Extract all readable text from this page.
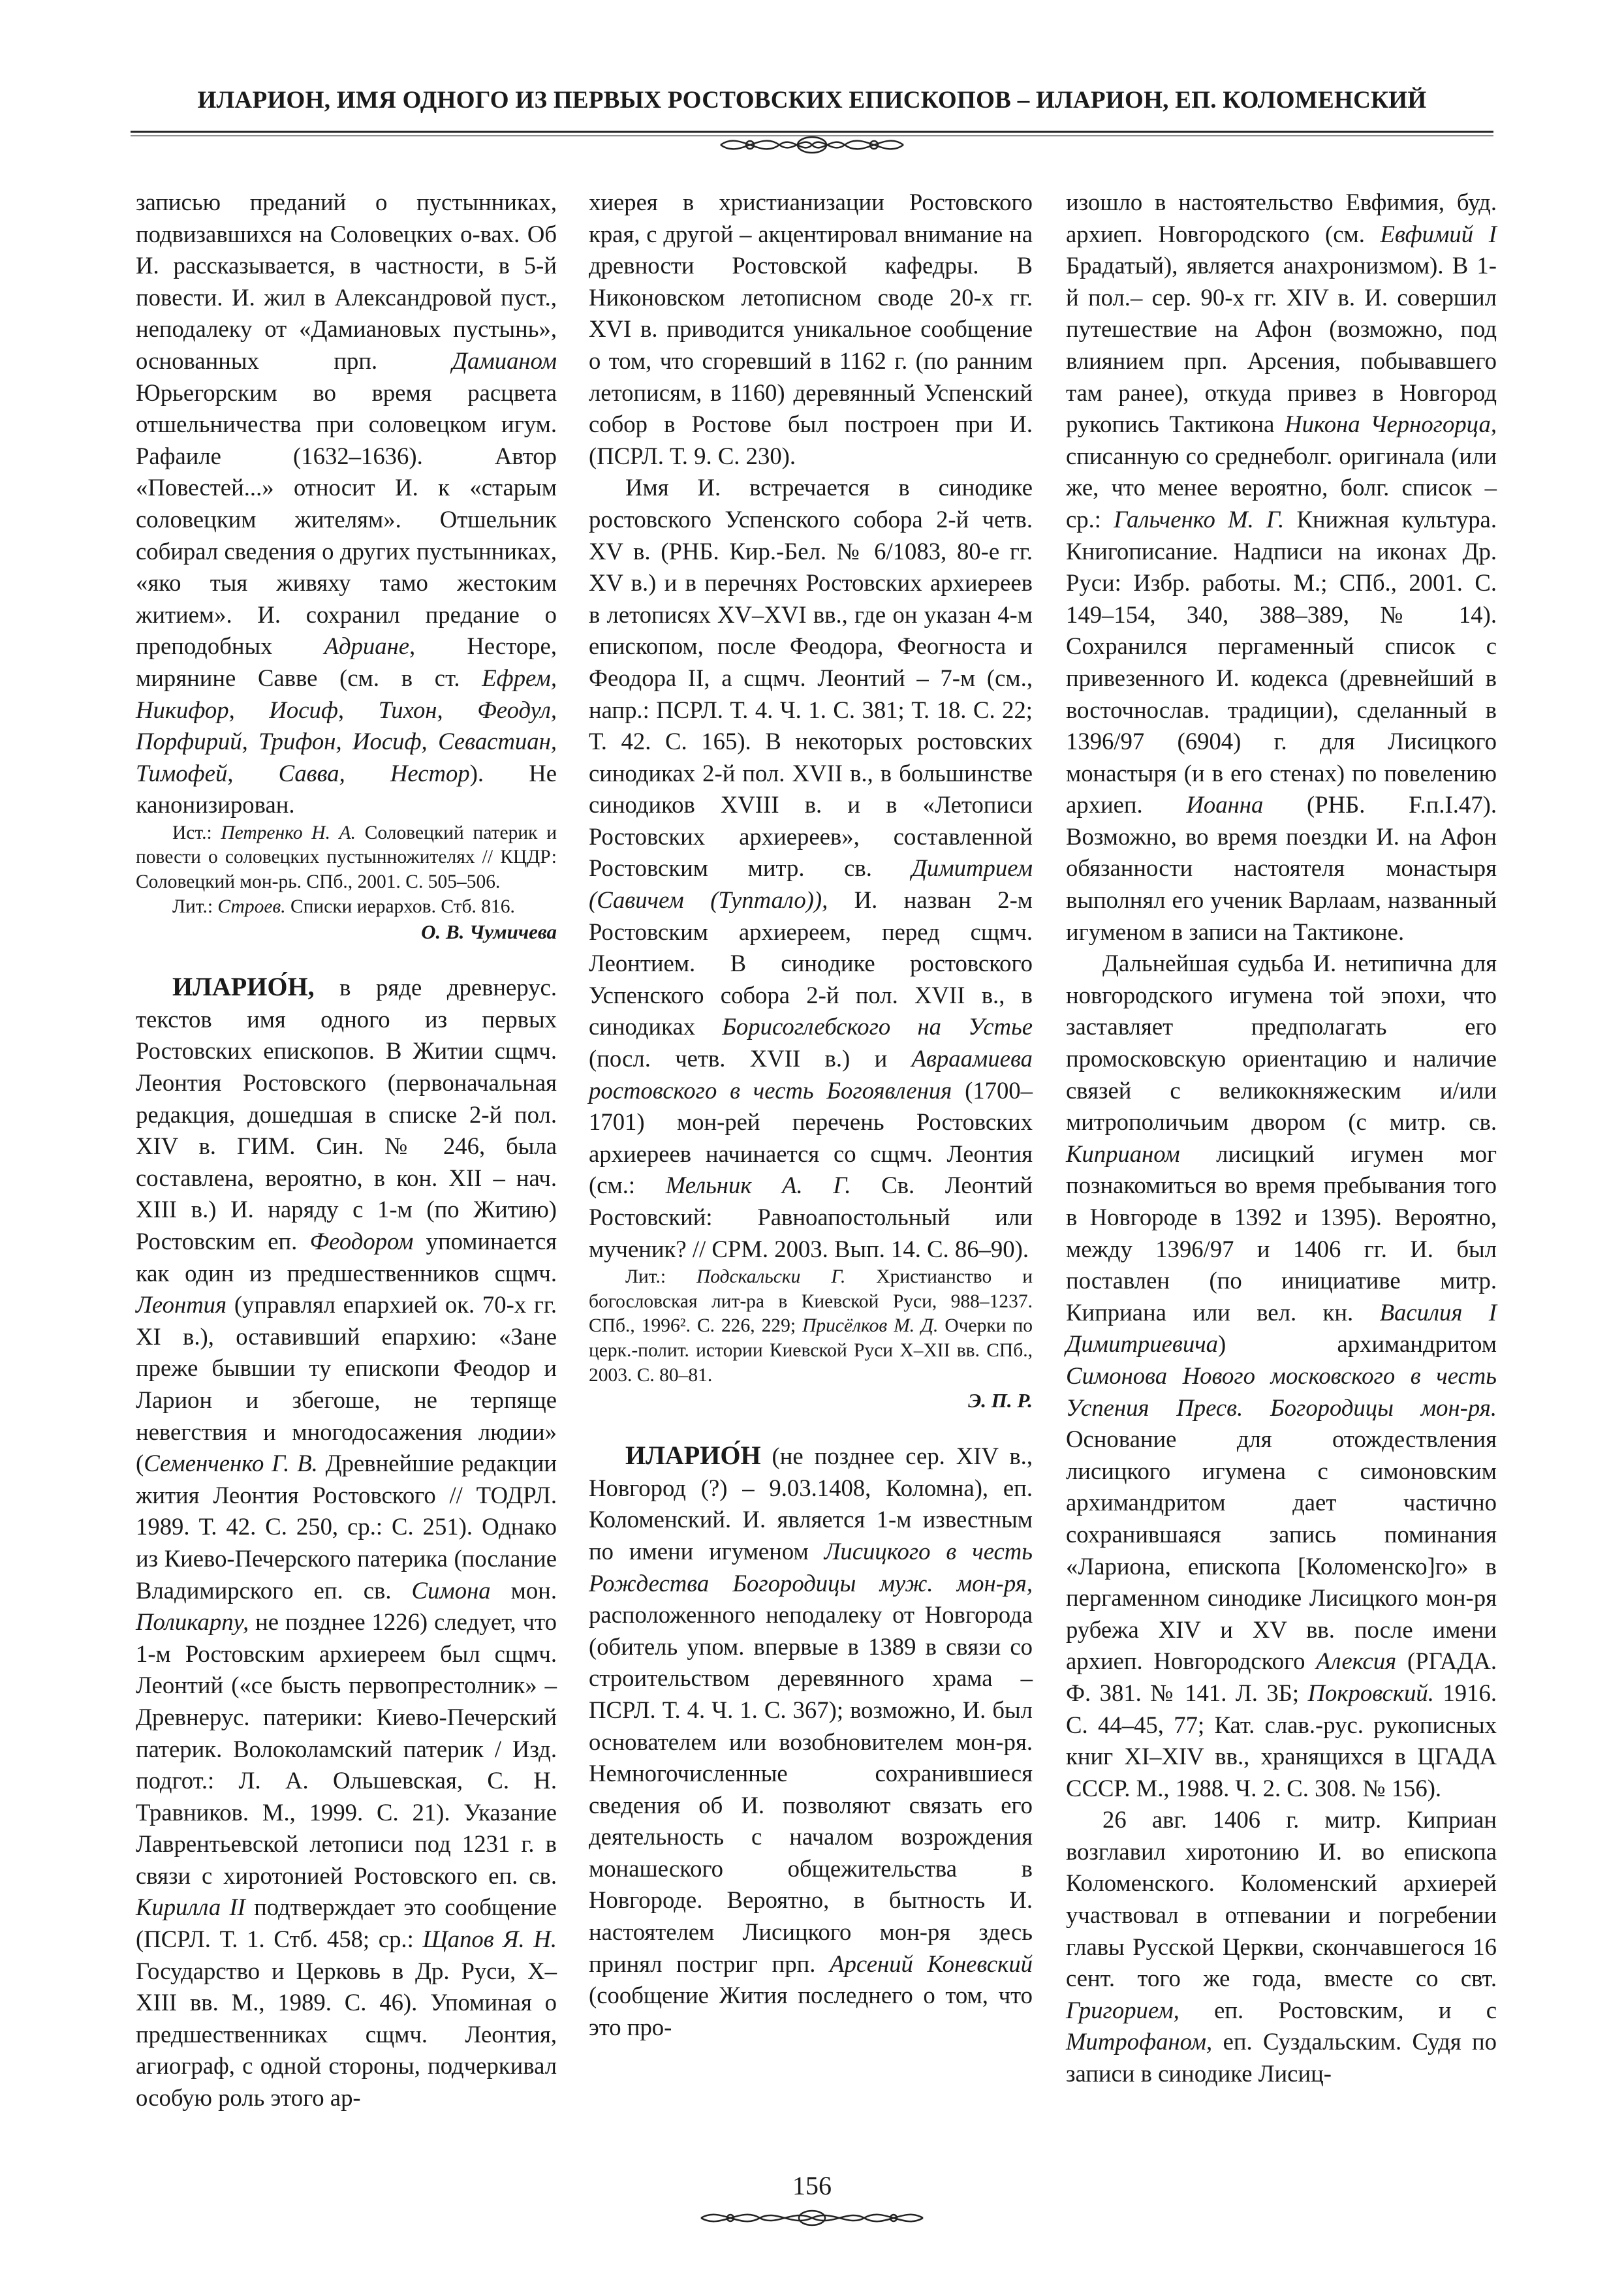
ИЛАРИОН, ИМЯ ОДНОГО ИЗ ПЕРВЫХ РОСТОВСКИХ ЕПИСКОПОВ – ИЛАРИОН, ЕП. КОЛОМЕНСКИЙ

записью преданий о пустынниках, подвизавшихся на Соловецких о-вах. Об И. рассказывается, в частности, в 5-й повести. И. жил в Александровой пуст., неподалеку от «Дамиановых пустынь», основанных прп. Дамианом Юрьегорским во время расцвета отшельничества при соловецком игум. Рафаиле (1632–1636). Автор «Повестей...» относит И. к «старым соловецким жителям». Отшельник собирал сведения о других пустынниках, «яко тыя живяху тамо жестоким житием». И. сохранил предание о преподобных Адриане, Несторе, мирянине Савве (см. в ст. Ефрем, Никифор, Иосиф, Тихон, Феодул, Порфирий, Трифон, Иосиф, Севастиан, Тимофей, Савва, Нестор). Не канонизирован.

Ист.: Петренко Н. А. Соловецкий патерик и повести о соловецких пустынножителях // КЦДР: Соловецкий мон-рь. СПб., 2001. С. 505–506.

Лит.: Строев. Списки иерархов. Стб. 816.

О. В. Чумичева

ИЛАРИО́Н, в ряде древнерус. текстов имя одного из первых Ростовских епископов. В Житии сщмч. Леонтия Ростовского (первоначальная редакция, дошедшая в списке 2-й пол. XIV в. ГИМ. Син. № 246, была составлена, вероятно, в кон. XII – нач. XIII в.) И. наряду с 1-м (по Житию) Ростовским еп. Феодором упоминается как один из предшественников сщмч. Леонтия (управлял епархией ок. 70-х гг. XI в.), оставивший епархию: «Зане преже бывшии ту епископи Феодор и Ларион и збегоше, не терпяще невегствия и многодосажения людии» (Семенченко Г. В. Древнейшие редакции жития Леонтия Ростовского // ТОДРЛ. 1989. Т. 42. С. 250, ср.: С. 251). Однако из Киево-Печерского патерика (послание Владимирского еп. св. Симона мон. Поликарпу, не позднее 1226) следует, что 1-м Ростовским архиереем был сщмч. Леонтий («се бысть первопрестолник» – Древнерус. патерики: Киево-Печерский патерик. Волоколамский патерик / Изд. подгот.: Л. А. Ольшевская, С. Н. Травников. М., 1999. С. 21). Указание Лаврентьевской летописи под 1231 г. в связи с хиротонией Ростовского еп. св. Кирилла II подтверждает это сообщение (ПСРЛ. Т. 1. Стб. 458; ср.: Щапов Я. Н. Государство и Церковь в Др. Руси, X–XIII вв. М., 1989. С. 46). Упоминая о предшественниках сщмч. Леонтия, агиограф, с одной стороны, подчеркивал особую роль этого ар-

хиерея в христианизации Ростовского края, с другой – акцентировал внимание на древности Ростовской кафедры. В Никоновском летописном своде 20-х гг. XVI в. приводится уникальное сообщение о том, что сгоревший в 1162 г. (по ранним летописям, в 1160) деревянный Успенский собор в Ростове был построен при И. (ПСРЛ. Т. 9. С. 230).

Имя И. встречается в синодике ростовского Успенского собора 2-й четв. XV в. (РНБ. Кир.-Бел. № 6/1083, 80-е гг. XV в.) и в перечнях Ростовских архиереев в летописях XV–XVI вв., где он указан 4-м епископом, после Феодора, Феогноста и Феодора II, а сщмч. Леонтий – 7-м (см., напр.: ПСРЛ. Т. 4. Ч. 1. С. 381; Т. 18. С. 22; Т. 42. С. 165). В некоторых ростовских синодиках 2-й пол. XVII в., в большинстве синодиков XVIII в. и в «Летописи Ростовских архиереев», составленной Ростовским митр. св. Димитрием (Савичем (Туптало)), И. назван 2-м Ростовским архиереем, перед сщмч. Леонтием. В синодике ростовского Успенского собора 2-й пол. XVII в., в синодиках Борисоглебского на Устье (посл. четв. XVII в.) и Авраамиева ростовского в честь Богоявления (1700–1701) мон-рей перечень Ростовских архиереев начинается со сщмч. Леонтия (см.: Мельник А. Г. Св. Леонтий Ростовский: Равноапостольный или мученик? // СРМ. 2003. Вып. 14. С. 86–90).

Лит.: Подскальски Г. Христианство и богословская лит-ра в Киевской Руси, 988–1237. СПб., 1996². С. 226, 229; Присёлков М. Д. Очерки по церк.-полит. истории Киевской Руси X–XII вв. СПб., 2003. С. 80–81.

Э. П. Р.

ИЛАРИО́Н (не позднее сер. XIV в., Новгород (?) – 9.03.1408, Коломна), еп. Коломенский. И. является 1-м известным по имени игуменом Лисицкого в честь Рождества Богородицы муж. мон-ря, расположенного неподалеку от Новгорода (обитель упом. впервые в 1389 в связи со строительством деревянного храма – ПСРЛ. Т. 4. Ч. 1. С. 367); возможно, И. был основателем или возобновителем мон-ря. Немногочисленные сохранившиеся сведения об И. позволяют связать его деятельность с началом возрождения монашеского общежительства в Новгороде. Вероятно, в бытность И. настоятелем Лисицкого мон-ря здесь принял постриг прп. Арсений Коневский (сообщение Жития последнего о том, что это про-

изошло в настоятельство Евфимия, буд. архиеп. Новгородского (см. Евфимий I Брадатый), является анахронизмом). В 1-й пол.– сер. 90-х гг. XIV в. И. совершил путешествие на Афон (возможно, под влиянием прп. Арсения, побывавшего там ранее), откуда привез в Новгород рукопись Тактикона Никона Черногорца, списанную со среднеболг. оригинала (или же, что менее вероятно, болг. список – ср.: Гальченко М. Г. Книжная культура. Книгописание. Надписи на иконах Др. Руси: Избр. работы. М.; СПб., 2001. С. 149–154, 340, 388–389, № 14). Сохранился пергаменный список с привезенного И. кодекса (древнейший в восточнослав. традиции), сделанный в 1396/97 (6904) г. для Лисицкого монастыря (и в его стенах) по повелению архиеп. Иоанна (РНБ. F.п.I.47). Возможно, во время поездки И. на Афон обязанности настоятеля монастыря выполнял его ученик Варлаам, названный игуменом в записи на Тактиконе.

Дальнейшая судьба И. нетипична для новгородского игумена той эпохи, что заставляет предполагать его промосковскую ориентацию и наличие связей с великокняжеским и/или митрополичьим двором (с митр. св. Киприаном лисицкий игумен мог познакомиться во время пребывания того в Новгороде в 1392 и 1395). Вероятно, между 1396/97 и 1406 гг. И. был поставлен (по инициативе митр. Киприана или вел. кн. Василия I Димитриевича) архимандритом Симонова Нового московского в честь Успения Пресв. Богородицы мон-ря. Основание для отождествления лисицкого игумена с симоновским архимандритом дает частично сохранившаяся запись поминания «Лариона, епископа [Коломенско]го» в пергаменном синодике Лисицкого мон-ря рубежа XIV и XV вв. после имени архиеп. Новгородского Алексия (РГАДА. Ф. 381. № 141. Л. 3Б; Покровский. 1916. С. 44–45, 77; Кат. слав.-рус. рукописных книг XI–XIV вв., хранящихся в ЦГАДА СССР. М., 1988. Ч. 2. С. 308. № 156).

26 авг. 1406 г. митр. Киприан возглавил хиротонию И. во епископа Коломенского. Коломенский архиерей участвовал в отпевании и погребении главы Русской Церкви, скончавшегося 16 сент. того же года, вместе со свт. Григорием, еп. Ростовским, и с Митрофаном, еп. Суздальским. Судя по записи в синодике Лисиц-

156
